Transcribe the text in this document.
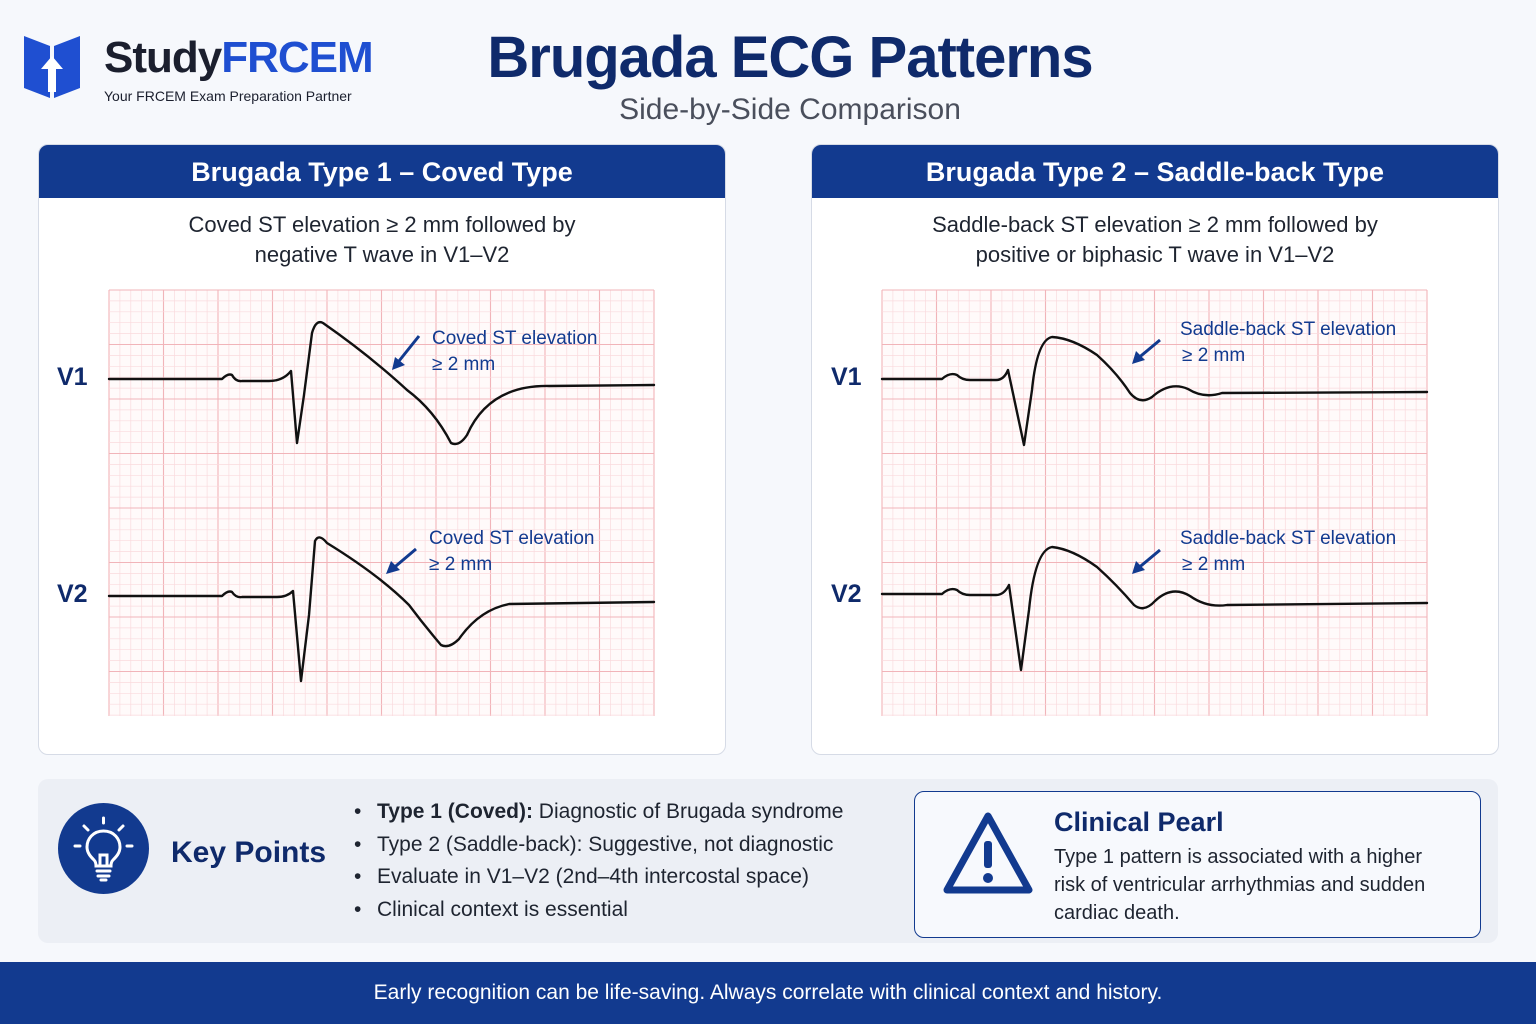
StudyFRCEM
Your FRCEM Exam Preparation Partner
Brugada ECG Patterns
Side-by-Side Comparison
Brugada Type 1 – Coved Type
Coved ST elevation ≥ 2 mm followed by
negative T wave in V1–V2
V1
V2
Coved ST elevation
≥ 2 mm
Coved ST elevation
≥ 2 mm
Brugada Type 2 – Saddle-back Type
Saddle-back ST elevation ≥ 2 mm followed by
positive or biphasic T wave in V1–V2
V1
V2
Saddle-back ST elevation
≥ 2 mm
Saddle-back ST elevation
≥ 2 mm
Key Points
• Type 1 (Coved): Diagnostic of Brugada syndrome
• Type 2 (Saddle-back): Suggestive, not diagnostic
• Evaluate in V1–V2 (2nd–4th intercostal space)
• Clinical context is essential
Clinical Pearl
Type 1 pattern is associated with a higher risk of ventricular arrhythmias and sudden cardiac death.
Early recognition can be life-saving. Always correlate with clinical context and history.
